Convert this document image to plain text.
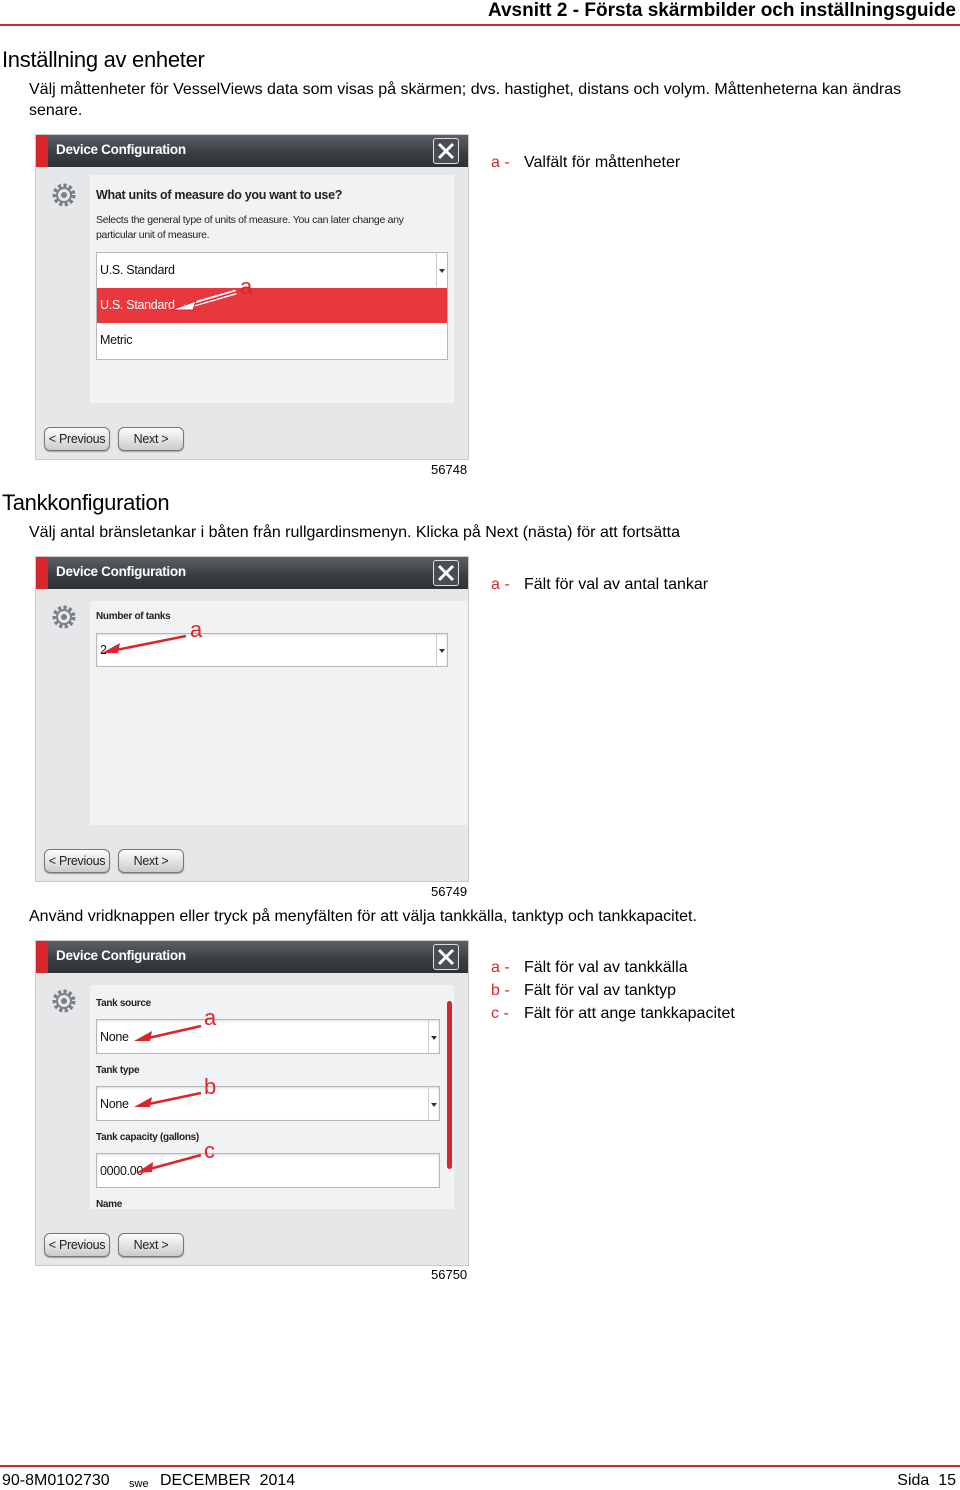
Avsnitt 2 - Första skärmbilder och inställningsguide
Inställning av enheter
Välj måttenheter för VesselViews data som visas på skärmen; dvs. hastighet, distans och volym. Måttenheterna kan ändras senare.
Device Configuration
What units of measure do you want to use?
Selects the general type of units of measure. You can later change any particular unit of measure.
U.S. Standard
U.S. Standard
Metric
a
< Previous	Next >
a - Valfält för måttenheter
56748
Tankkonfiguration
Välj antal bränsletankar i båten från rullgardinsmenyn. Klicka på Next (nästa) för att fortsätta
Device Configuration
Number of tanks
2
a
< Previous	Next >
a - Fält för val av antal tankar
56749
Använd vridknappen eller tryck på menyfälten för att välja tankkälla, tanktyp och tankkapacitet.
Device Configuration
Tank source
None
Tank type
None
Tank capacity (gallons)
0000.00
Name
a
b
c
< Previous	Next >
a - Fält för val av tankkälla
b - Fält för val av tanktyp
c - Fält för att ange tankkapacitet
56750
90-8M0102730 swe DECEMBER  2014	Sida  15
